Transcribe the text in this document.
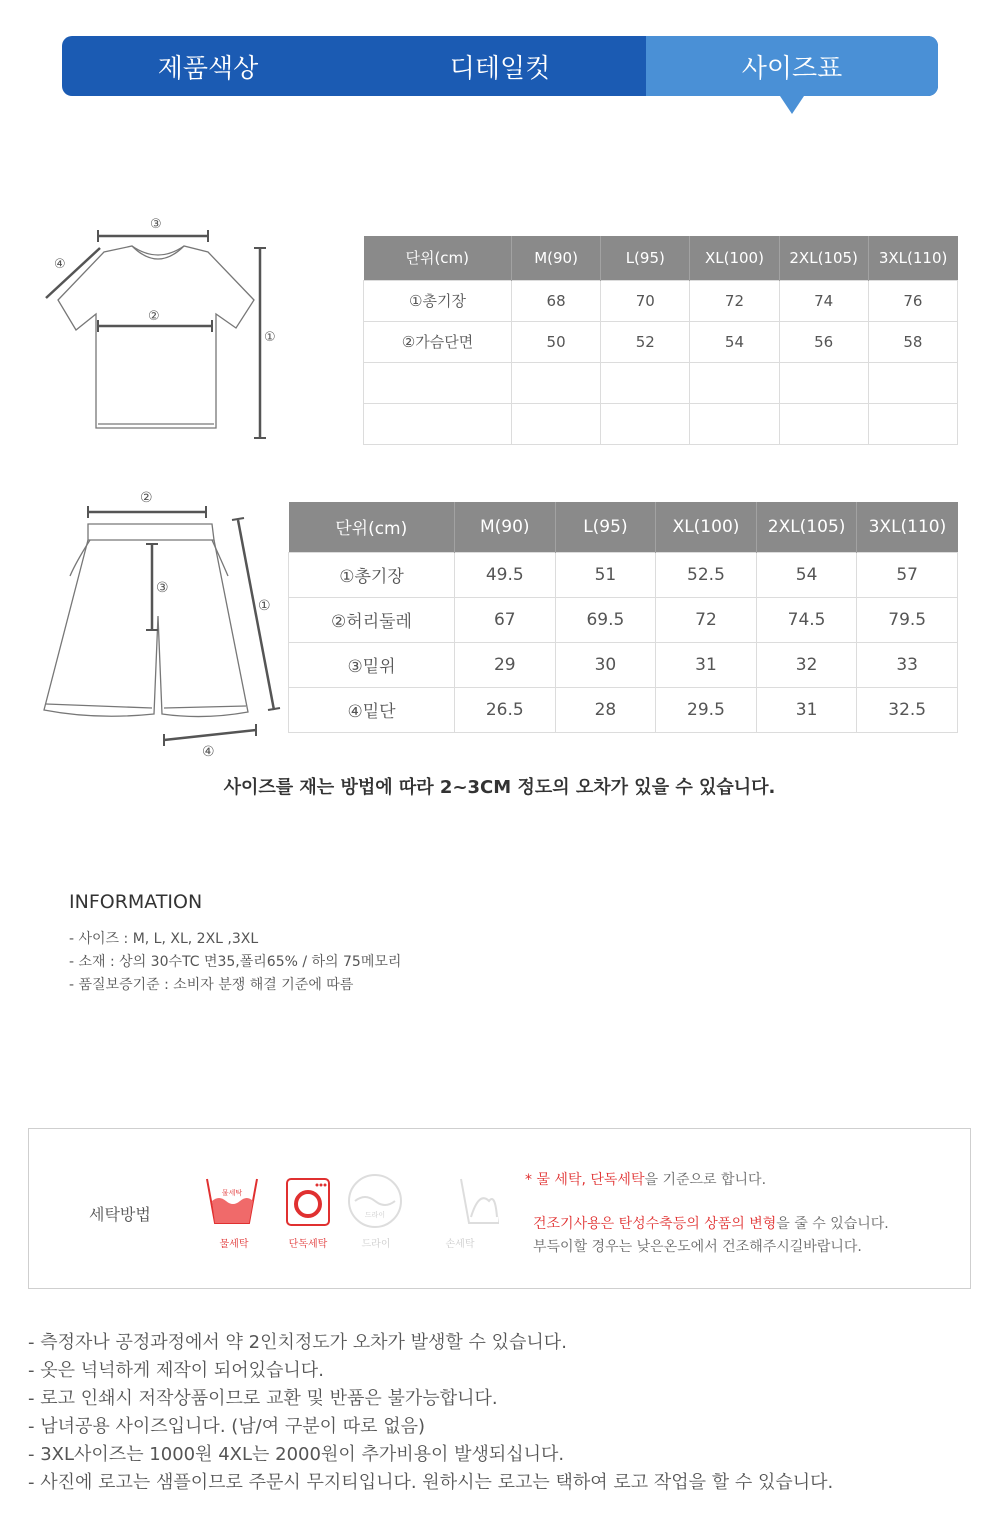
제품색상	디테일컷	사이즈표
③
②
①
④	단위(cm)	M(90)	L(95)	XL(100)	2XL(105)	3XL(110)
①총기장	68	70	72	74	76
②가슴단면	50	52	54	56	58

②
③
①
④
단위(cm)	M(90)	L(95)	XL(100)	2XL(105)	3XL(110)
①총기장	49.5	51	52.5	54	57
②허리둘레	67	69.5	72	74.5	79.5
③밑위	29	30	31	32	33
④밑단	26.5	28	29.5	31	32.5
사이즈를 재는 방법에 따라 2~3CM 정도의 오차가 있을 수 있습니다.
INFORMATION
- 사이즈 : M, L, XL, 2XL ,3XL
- 소재 : 상의 30수TC 면35,폴리65% / 하의 75메모리
- 품질보증기준 : 소비자 분쟁 해결 기준에 따름
세탁방법
물세탁
드라이
물세탁	단독세탁	드라이	손세탁
* 물 세탁, 단독세탁을 기준으로 합니다.
건조기사용은 탄성수축등의 상품의 변형을 줄 수 있습니다.
부득이할 경우는 낮은온도에서 건조해주시길바랍니다.
- 측정자나 공정과정에서 약 2인치정도가 오차가 발생할 수 있습니다.
- 옷은 넉넉하게 제작이 되어있습니다.
- 로고 인쇄시 저작상품이므로 교환 및 반품은 불가능합니다.
- 남녀공용 사이즈입니다. (남/여 구분이 따로 없음)
- 3XL사이즈는 1000원 4XL는 2000원이 추가비용이 발생되십니다.
- 사진에 로고는 샘플이므로 주문시 무지티입니다. 원하시는 로고는 택하여 로고 작업을 할 수 있습니다.
